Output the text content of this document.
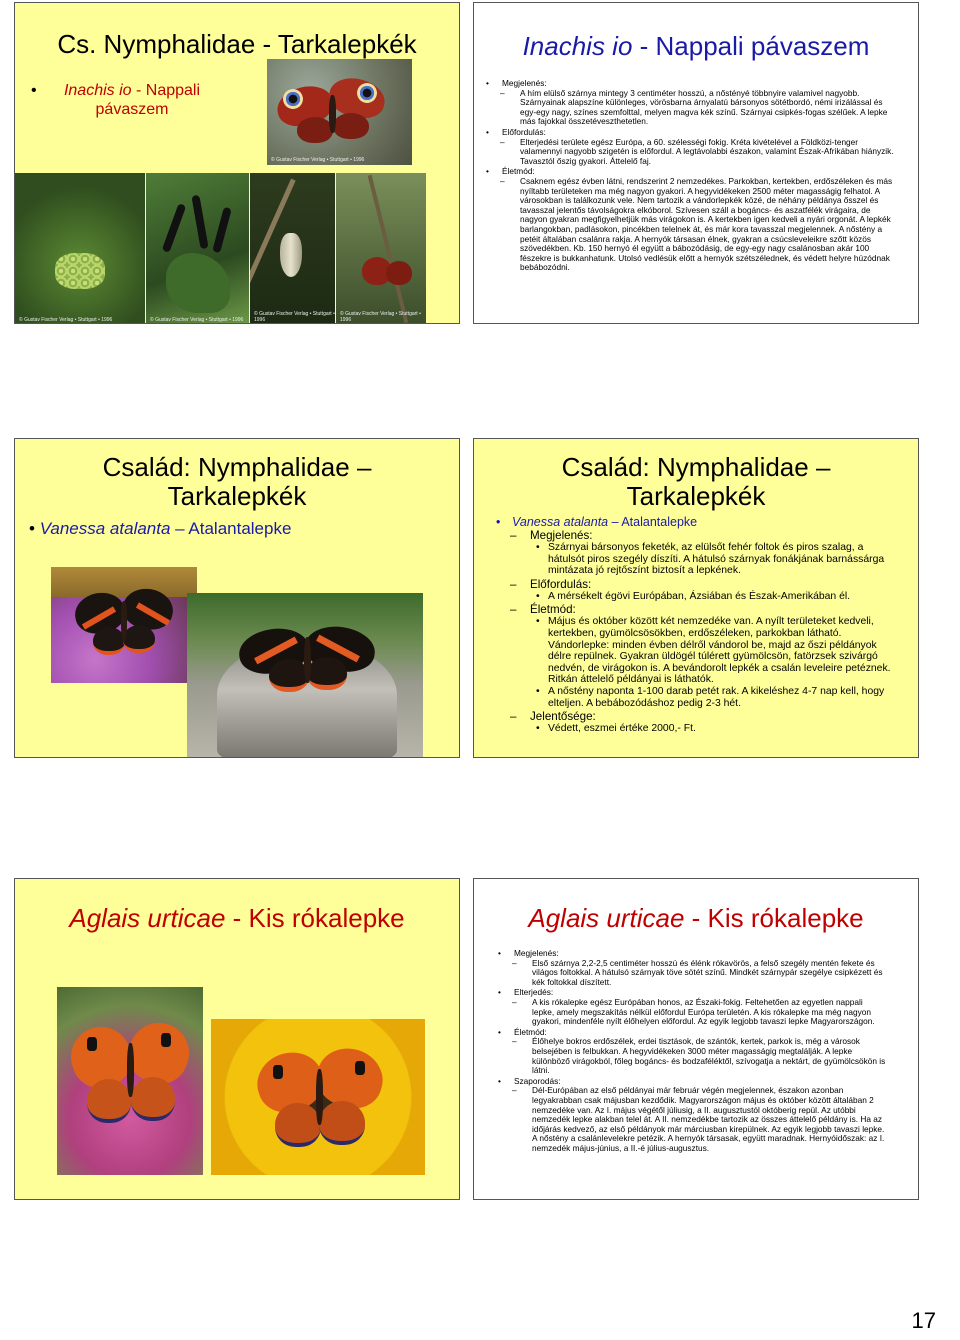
Cs. Nymphalidae - Tarkalepkék
•	Inachis io - Nappali pávaszem
© Gustav Fischer Verlag • Stuttgart • 1996
© Gustav Fischer Verlag • Stuttgart • 1996	© Gustav Fischer Verlag • Stuttgart • 1996
© Gustav Fischer Verlag • Stuttgart • 1996
© Gustav Fischer Verlag • Stuttgart • 1996
Inachis io - Nappali pávaszem
• Megjelenés:
– A hím elülső szárnya mintegy 3 centiméter hosszú, a nőstényé többnyire valamivel nagyobb. Szárnyainak alapszíne különleges, vörösbarna árnyalatú bársonyos sötétbordó, némi irizálással és egy-egy nagy, színes szemfolttal, melyen magva kék színű. Szárnyai csipkés-fogas szélűek. A lepke más fajokkal összetéveszthetetlen.
• Előfordulás:
– Elterjedési területe egész Európa, a 60. szélességi fokig. Kréta kivételével a Földközi-tenger valamennyi nagyobb szigetén is előfordul. A legtávolabbi északon, valamint Észak-Afrikában hiányzik. Tavasztól őszig gyakori. Áttelelő faj.
• Életmód:
– Csaknem egész évben látni, rendszerint 2 nemzedékes. Parkokban, kertekben, erdőszéleken és más nyíltabb területeken ma még nagyon gyakori. A hegyvidékeken 2500 méter magasságig felhatol. A városokban is találkozunk vele. Nem tartozik a vándorlepkék közé, de néhány példánya ősszel és tavasszal jelentős távolságokra elkóborol. Szívesen száll a bogáncs- és aszatfélék virágaira, de nagyon gyakran megfigyelhetjük más virágokon is. A kertekben igen kedveli a nyári orgonát. A lepkék barlangokban, padlásokon, pincékben telelnek át, és már kora tavasszal megjelennek. A nőstény a petéit általában csalánra rakja. A hernyók társasan élnek, gyakran a csúcsleveleikre szőtt közös szövedékben. Kb. 150 hernyó él együtt a bábozódásig, de egy-egy nagy csalánosban akár 100 fészekre is bukkanhatunk. Utolsó vedlésük előtt a hernyók szétszélednek, és védett helyre húzódnak bebábozódni.
Család: Nymphalidae –
Tarkalepkék
• Vanessa atalanta – Atalantalepke
Család: Nymphalidae –
Tarkalepkék
• Vanessa atalanta – Atalantalepke
– Megjelenés:
• Szárnyai bársonyos feketék, az elülsőt fehér foltok és piros szalag, a hátulsót piros szegély díszíti. A hátulsó szárnyak fonákjának barnássárga mintázata jó rejtőszínt biztosít a lepkének.
– Előfordulás:
• A mérsékelt égövi Európában, Ázsiában és Észak-Amerikában él.
– Életmód:
• Május és október között két nemzedéke van. A nyílt területeket kedveli, kertekben, gyümölcsösökben, erdőszéleken, parkokban látható. Vándorlepke: minden évben délről vándorol be, majd az őszi példányok délre repülnek. Gyakran üldögél túlérett gyümölcsön, fatörzsek szivárgó nedvén, de virágokon is. A bevándorolt lepkék a csalán leveleire petéznek. Ritkán áttelelő példányai is láthatók.
• A nőstény naponta 1-100 darab petét rak. A kikeléshez 4-7 nap kell, hogy elteljen. A bebábozódáshoz pedig 2-3 hét.
– Jelentősége:
• Védett, eszmei értéke 2000,- Ft.
Aglais urticae - Kis rókalepke	Aglais urticae - Kis rókalepke
• Megjelenés:
– Első szárnya 2,2-2,5 centiméter hosszú és élénk rókavörös, a felső szegély mentén fekete és világos foltokkal. A hátulsó szárnyak töve sötét színű. Mindkét szárnypár szegélye csipkézett és kék foltokkal díszített.
• Elterjedés:
– A kis rókalepke egész Európában honos, az Északi-fokig. Feltehetően az egyetlen nappali lepke, amely megszakítás nélkül előfordul Európa területén. A kis rókalepke ma még nagyon gyakori, mindenféle nyílt élőhelyen előfordul. Az egyik legjobb tavaszi lepke Magyarországon.
• Életmód:
– Élőhelye bokros erdőszélek, erdei tisztások, de szántók, kertek, parkok is, még a városok belsejében is felbukkan. A hegyvidékeken 3000 méter magasságig megtalálják. A lepke különböző virágokból, főleg bogáncs- és bodzaféléktől, szívogatja a nektárt, de gyümölcsökön is látni.
• Szaporodás:
– Dél-Európában az első példányai már február végén megjelennek, északon azonban legyakrabban csak májusban kezdődik. Magyarországon május és október között általában 2 nemzedéke van. Az I. május végétől júliusig, a II. augusztustól októberig repül. Az utóbbi nemzedék lepke alakban telel át. A II. nemzedékbe tartozik az összes áttelelő példány is. Ha az időjárás kedvező, az első példányok már márciusban kirepülnek. Az egyik legjobb tavaszi lepke. A nőstény a csalánlevelekre petézik. A hernyók társasak, együtt maradnak. Hernyóidőszak: az I. nemzedék május-június, a II.-é július-augusztus.
17
